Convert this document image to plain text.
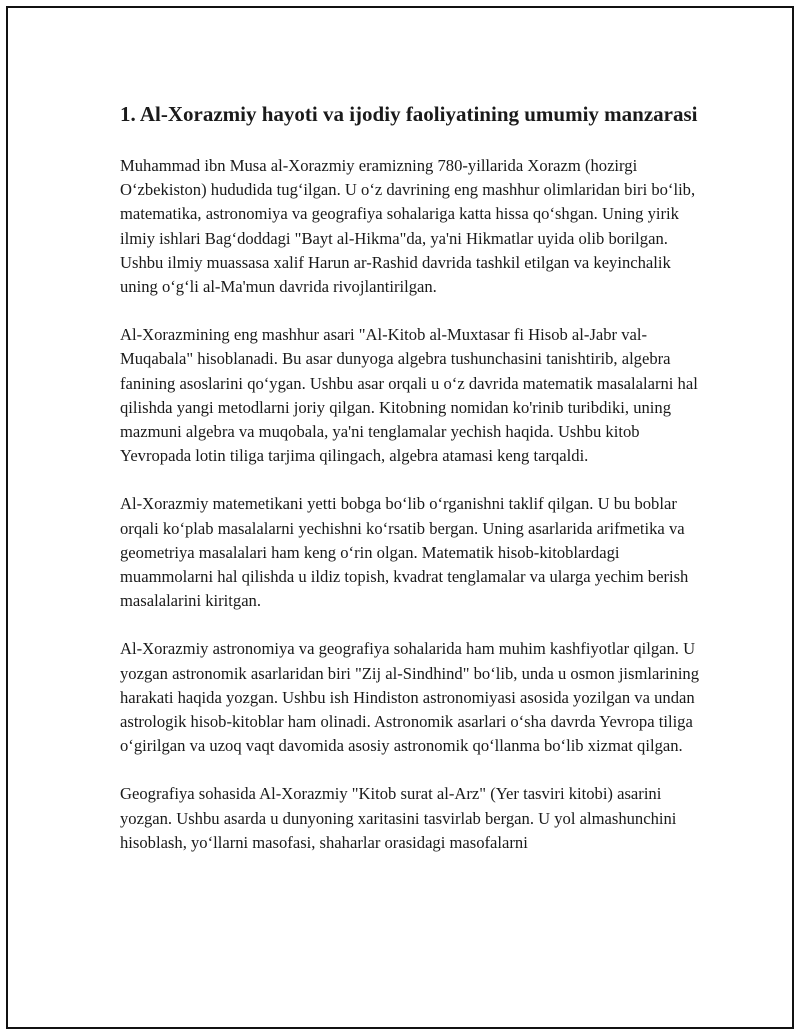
1. Al-Xorazmiy hayoti va ijodiy faoliyatining umumiy manzarasi

Muhammad ibn Musa al-Xorazmiy eramizning 780-yillarida Xorazm (hozirgi O‘zbekiston) hududida tug‘ilgan. U o‘z davrining eng mashhur olimlaridan biri bo‘lib, matematika, astronomiya va geografiya sohalariga katta hissa qo‘shgan. Uning yirik ilmiy ishlari Bag‘doddagi "Bayt al-Hikma"da, ya'ni Hikmatlar uyida olib borilgan. Ushbu ilmiy muassasa xalif Harun ar-Rashid davrida tashkil etilgan va keyinchalik uning o‘g‘li al-Ma'mun davrida rivojlantirilgan.

Al-Xorazmining eng mashhur asari "Al-Kitob al-Muxtasar fi Hisob al-Jabr val-Muqabala" hisoblanadi. Bu asar dunyoga algebra tushunchasini tanishtirib, algebra fanining asoslarini qo‘ygan. Ushbu asar orqali u o‘z davrida matematik masalalarni hal qilishda yangi metodlarni joriy qilgan. Kitobning nomidan ko'rinib turibdiki, uning mazmuni algebra va muqobala, ya'ni tenglamalar yechish haqida. Ushbu kitob Yevropada lotin tiliga tarjima qilingach, algebra atamasi keng tarqaldi.

Al-Xorazmiy matemetikani yetti bobga bo‘lib o‘rganishni taklif qilgan. U bu boblar orqali ko‘plab masalalarni yechishni ko‘rsatib bergan. Uning asarlarida arifmetika va geometriya masalalari ham keng o‘rin olgan. Matematik hisob-kitoblardagi muammolarni hal qilishda u ildiz topish, kvadrat tenglamalar va ularga yechim berish masalalarini kiritgan.

Al-Xorazmiy astronomiya va geografiya sohalarida ham muhim kashfiyotlar qilgan. U yozgan astronomik asarlaridan biri "Zij al-Sindhind" bo‘lib, unda u osmon jismlarining harakati haqida yozgan. Ushbu ish Hindiston astronomiyasi asosida yozilgan va undan astrologik hisob-kitoblar ham olinadi. Astronomik asarlari o‘sha davrda Yevropa tiliga o‘girilgan va uzoq vaqt davomida asosiy astronomik qo‘llanma bo‘lib xizmat qilgan.

Geografiya sohasida Al-Xorazmiy "Kitob surat al-Arz" (Yer tasviri kitobi) asarini yozgan. Ushbu asarda u dunyoning xaritasini tasvirlab bergan. U yol almashunchini hisoblash, yo‘llarni masofasi, shaharlar orasidagi masofalarni
